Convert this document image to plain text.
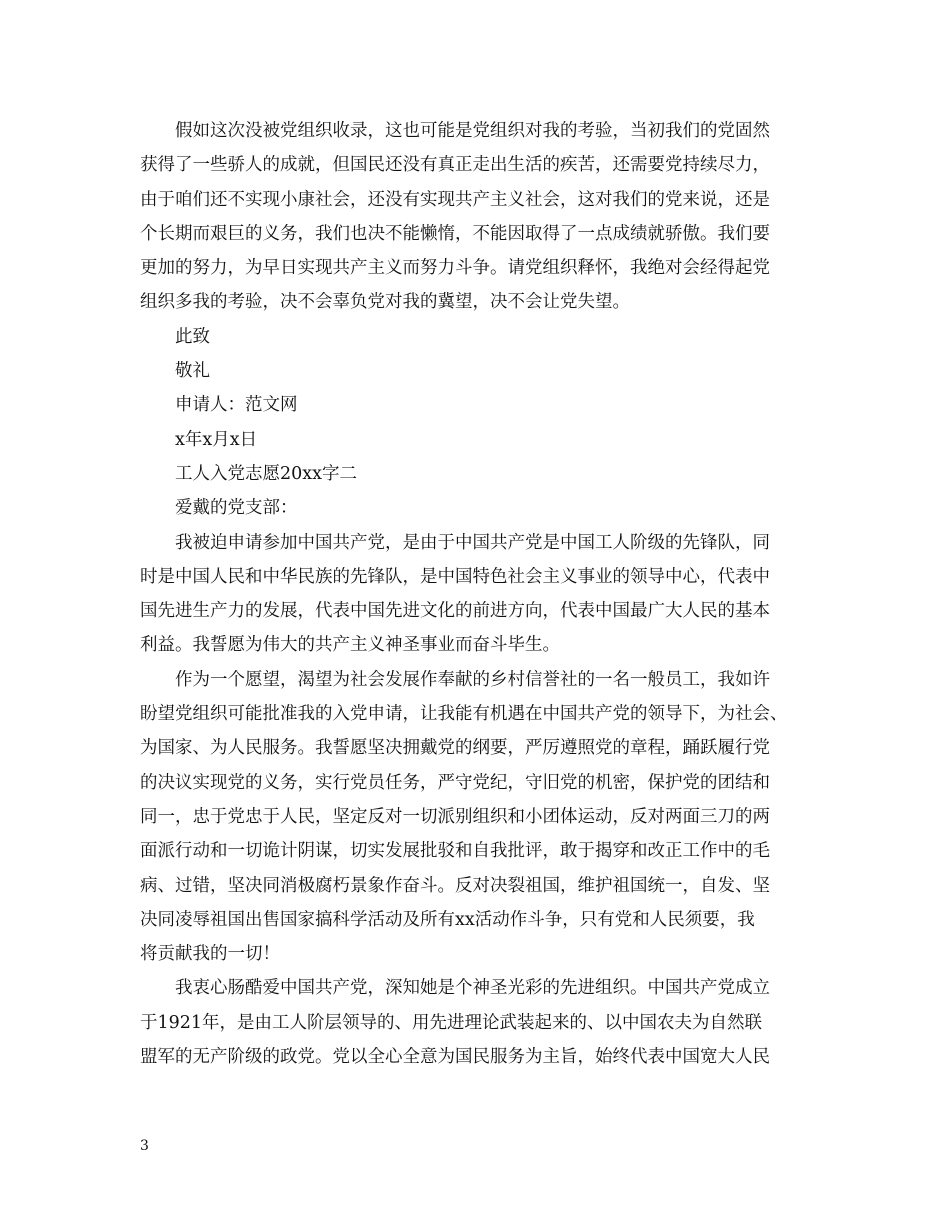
假如这次没被党组织收录，这也可能是党组织对我的考验，当初我们的党固然
获得了一些骄人的成就，但国民还没有真正走出生活的疾苦，还需要党持续尽力，
由于咱们还不实现小康社会，还没有实现共产主义社会，这对我们的党来说，还是
个长期而艰巨的义务，我们也决不能懒惰，不能因取得了一点成绩就骄傲。我们要
更加的努力，为早日实现共产主义而努力斗争。请党组织释怀，我绝对会经得起党
组织多我的考验，决不会辜负党对我的冀望，决不会让党失望。
此致
敬礼
申请人：范文网
x年x月x日
工人入党志愿20xx字二
爱戴的党支部：
我被迫申请参加中国共产党，是由于中国共产党是中国工人阶级的先锋队，同
时是中国人民和中华民族的先锋队，是中国特色社会主义事业的领导中心，代表中
国先进生产力的发展，代表中国先进文化的前进方向，代表中国最广大人民的基本
利益。我誓愿为伟大的共产主义神圣事业而奋斗毕生。
作为一个愿望，渴望为社会发展作奉献的乡村信誉社的一名一般员工，我如许
盼望党组织可能批准我的入党申请，让我能有机遇在中国共产党的领导下，为社会、
为国家、为人民服务。我誓愿坚决拥戴党的纲要，严厉遵照党的章程，踊跃履行党
的决议实现党的义务，实行党员任务，严守党纪，守旧党的机密，保护党的团结和
同一，忠于党忠于人民，坚定反对一切派别组织和小团体运动，反对两面三刀的两
面派行动和一切诡计阴谋，切实发展批驳和自我批评，敢于揭穿和改正工作中的毛
病、过错，坚决同消极腐朽景象作奋斗。反对决裂祖国，维护祖国统一，自发、坚
决同凌辱祖国出售国家搞科学活动及所有xx活动作斗争，只有党和人民须要，我
将贡献我的一切！
我衷心肠酷爱中国共产党，深知她是个神圣光彩的先进组织。中国共产党成立
于1921年，是由工人阶层领导的、用先进理论武装起来的、以中国农夫为自然联
盟军的无产阶级的政党。党以全心全意为国民服务为主旨，始终代表中国宽大人民
3
